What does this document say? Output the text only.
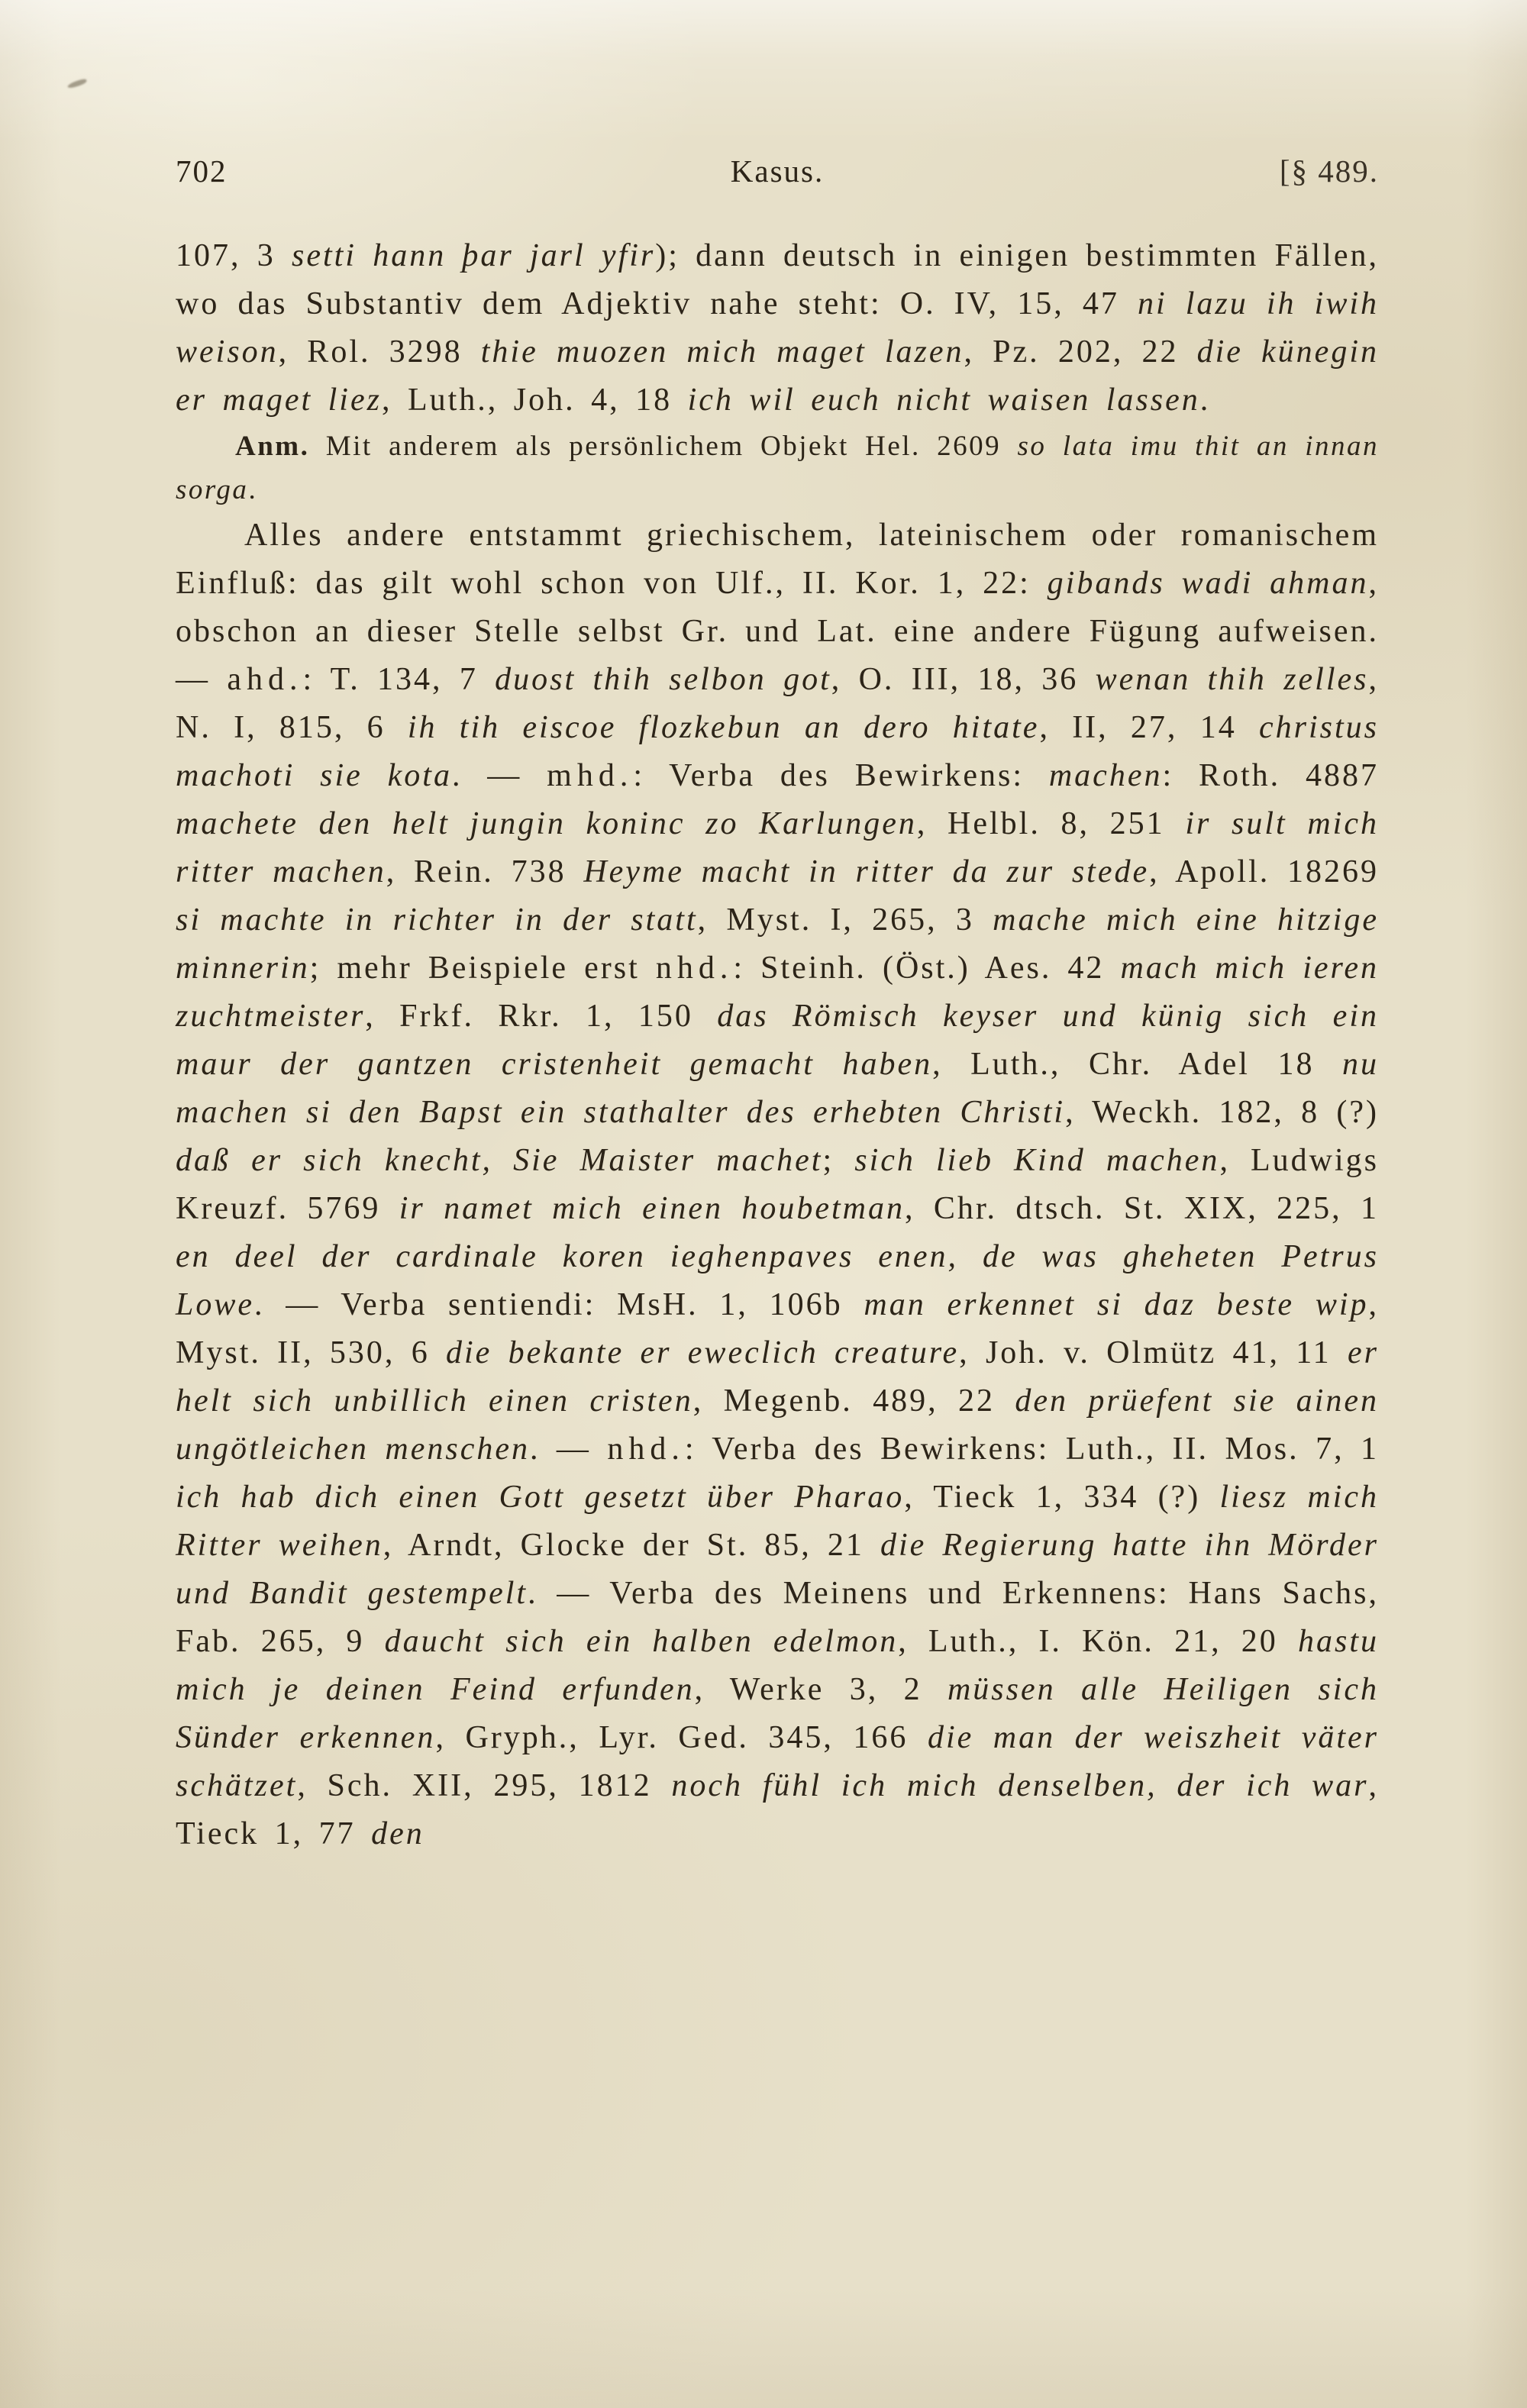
702	Kasus.	[§ 489.

107, 3 setti hann þar jarl yfir); dann deutsch in einigen bestimmten Fällen, wo das Substantiv dem Adjektiv nahe steht: O. IV, 15, 47 ni lazu ih iwih weison, Rol. 3298 thie muozen mich maget lazen, Pz. 202, 22 die künegin er maget liez, Luth., Joh. 4, 18 ich wil euch nicht waisen lassen.

Anm. Mit anderem als persönlichem Objekt Hel. 2609 so lata imu thit an innan sorga.

Alles andere entstammt griechischem, lateinischem oder romanischem Einfluß: das gilt wohl schon von Ulf., II. Kor. 1, 22: gibands wadi ahman, obschon an dieser Stelle selbst Gr. und Lat. eine andere Fügung aufweisen. — ahd.: T. 134, 7 duost thih selbon got, O. III, 18, 36 wenan thih zelles, N. I, 815, 6 ih tih eiscoe flozkebun an dero hitate, II, 27, 14 christus machoti sie kota. — mhd.: Verba des Bewirkens: machen: Roth. 4887 machete den helt jungin koninc zo Karlungen, Helbl. 8, 251 ir sult mich ritter machen, Rein. 738 Heyme macht in ritter da zur stede, Apoll. 18269 si machte in richter in der statt, Myst. I, 265, 3 mache mich eine hitzige minnerin; mehr Beispiele erst nhd.: Steinh. (Öst.) Aes. 42 mach mich ieren zuchtmeister, Frkf. Rkr. 1, 150 das Römisch keyser und künig sich ein maur der gantzen cristenheit gemacht haben, Luth., Chr. Adel 18 nu machen si den Bapst ein stathalter des erhebten Christi, Weckh. 182, 8 (?) daß er sich knecht, Sie Maister machet; sich lieb Kind machen, Ludwigs Kreuzf. 5769 ir namet mich einen houbetman, Chr. dtsch. St. XIX, 225, 1 en deel der cardinale koren ieghenpaves enen, de was gheheten Petrus Lowe. — Verba sentiendi: MsH. 1, 106b man erkennet si daz beste wip, Myst. II, 530, 6 die bekante er eweclich creature, Joh. v. Olmütz 41, 11 er helt sich unbillich einen cristen, Megenb. 489, 22 den prüefent sie ainen ungötleichen menschen. — nhd.: Verba des Bewirkens: Luth., II. Mos. 7, 1 ich hab dich einen Gott gesetzt über Pharao, Tieck 1, 334 (?) liesz mich Ritter weihen, Arndt, Glocke der St. 85, 21 die Regierung hatte ihn Mörder und Bandit gestempelt. — Verba des Meinens und Erkennens: Hans Sachs, Fab. 265, 9 daucht sich ein halben edelmon, Luth., I. Kön. 21, 20 hastu mich je deinen Feind erfunden, Werke 3, 2 müssen alle Heiligen sich Sünder erkennen, Gryph., Lyr. Ged. 345, 166 die man der weiszheit väter schätzet, Sch. XII, 295, 1812 noch fühl ich mich denselben, der ich war, Tieck 1, 77 den
